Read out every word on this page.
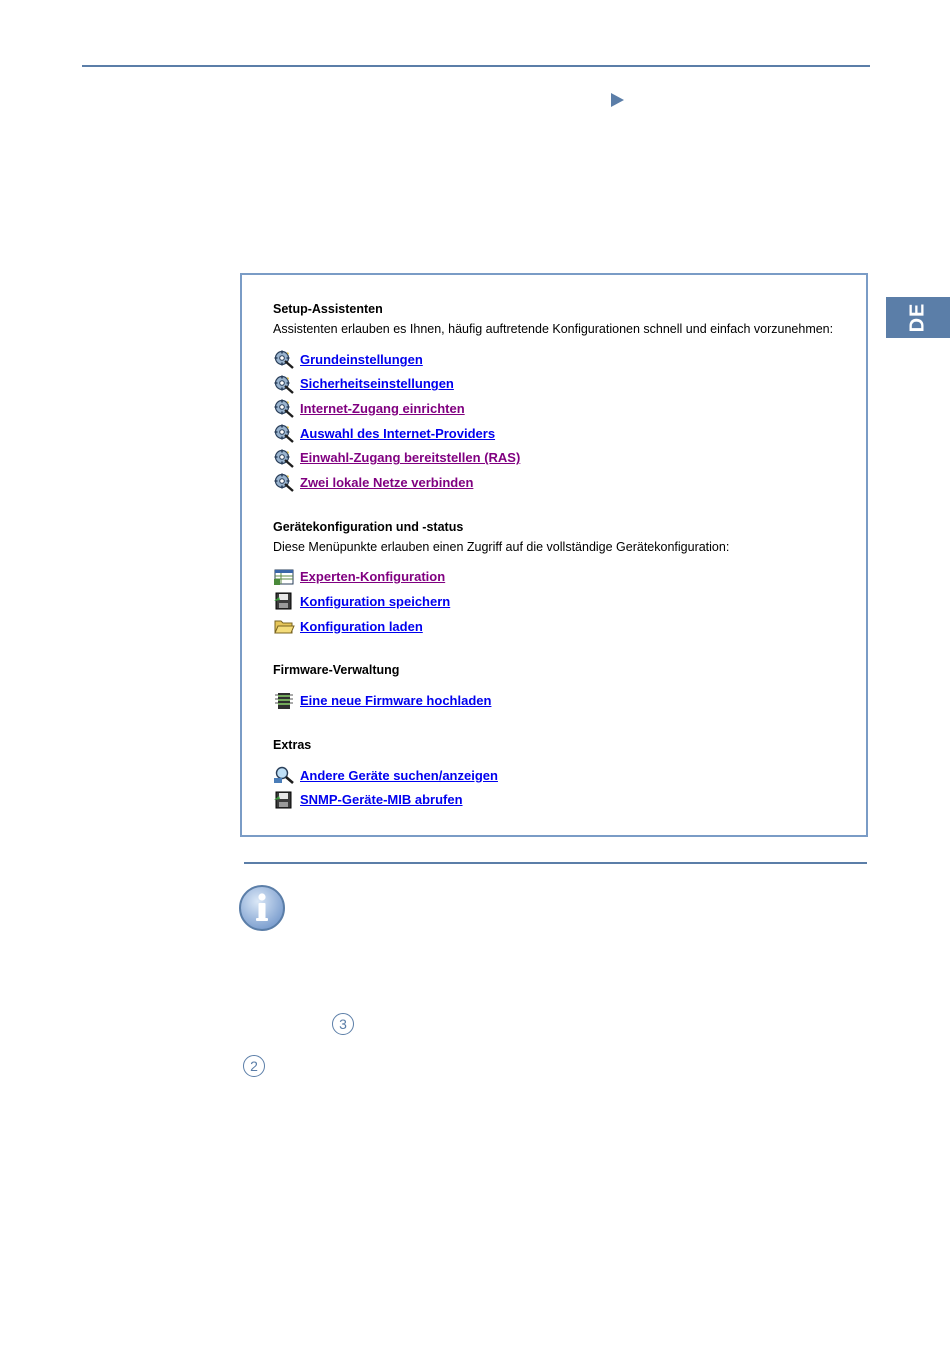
DE
Setup-Assistenten
Assistenten erlauben es Ihnen, häufig auftretende Konfigurationen schnell und einfach vorzunehmen:
Grundeinstellungen
Sicherheitseinstellungen
Internet-Zugang einrichten
Auswahl des Internet-Providers
Einwahl-Zugang bereitstellen (RAS)
Zwei lokale Netze verbinden
Gerätekonfiguration und -status
Diese Menüpunkte erlauben einen Zugriff auf die vollständige Gerätekonfiguration:
Experten-Konfiguration
Konfiguration speichern
Konfiguration laden
Firmware-Verwaltung
Eine neue Firmware hochladen
Extras
Andere Geräte suchen/anzeigen
SNMP-Geräte-MIB abrufen
3
2
